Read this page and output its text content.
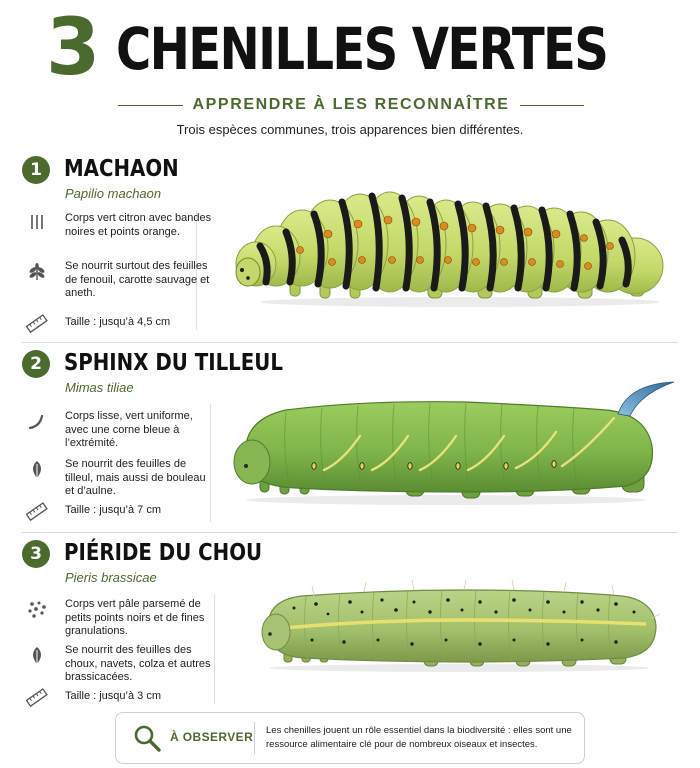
3 CHENILLES VERTES
APPRENDRE À LES RECONNAÎTRE
Trois espèces communes, trois apparences bien différentes.
1 MACHAON
Papilio machaon
Corps vert citron avec bandes noires et points orange.
Se nourrit surtout des feuilles de fenouil, carotte sauvage et aneth.
Taille : jusqu’à 4,5 cm
2 SPHINX DU TILLEUL
Mimas tiliae
Corps lisse, vert uniforme, avec une corne bleue à l’extrémité.
Se nourrit des feuilles de tilleul, mais aussi de bouleau et d’aulne.
Taille : jusqu’à 7 cm
3 PIÉRIDE DU CHOU
Pieris brassicae
Corps vert pâle parsemé de petits points noirs et de fines granulations.
Se nourrit des feuilles des choux, navets, colza et autres brassicacées.
Taille : jusqu’à 3 cm
À OBSERVER Les chenilles jouent un rôle essentiel dans la biodiversité : elles sont une ressource alimentaire clé pour de nombreux oiseaux et insectes.
